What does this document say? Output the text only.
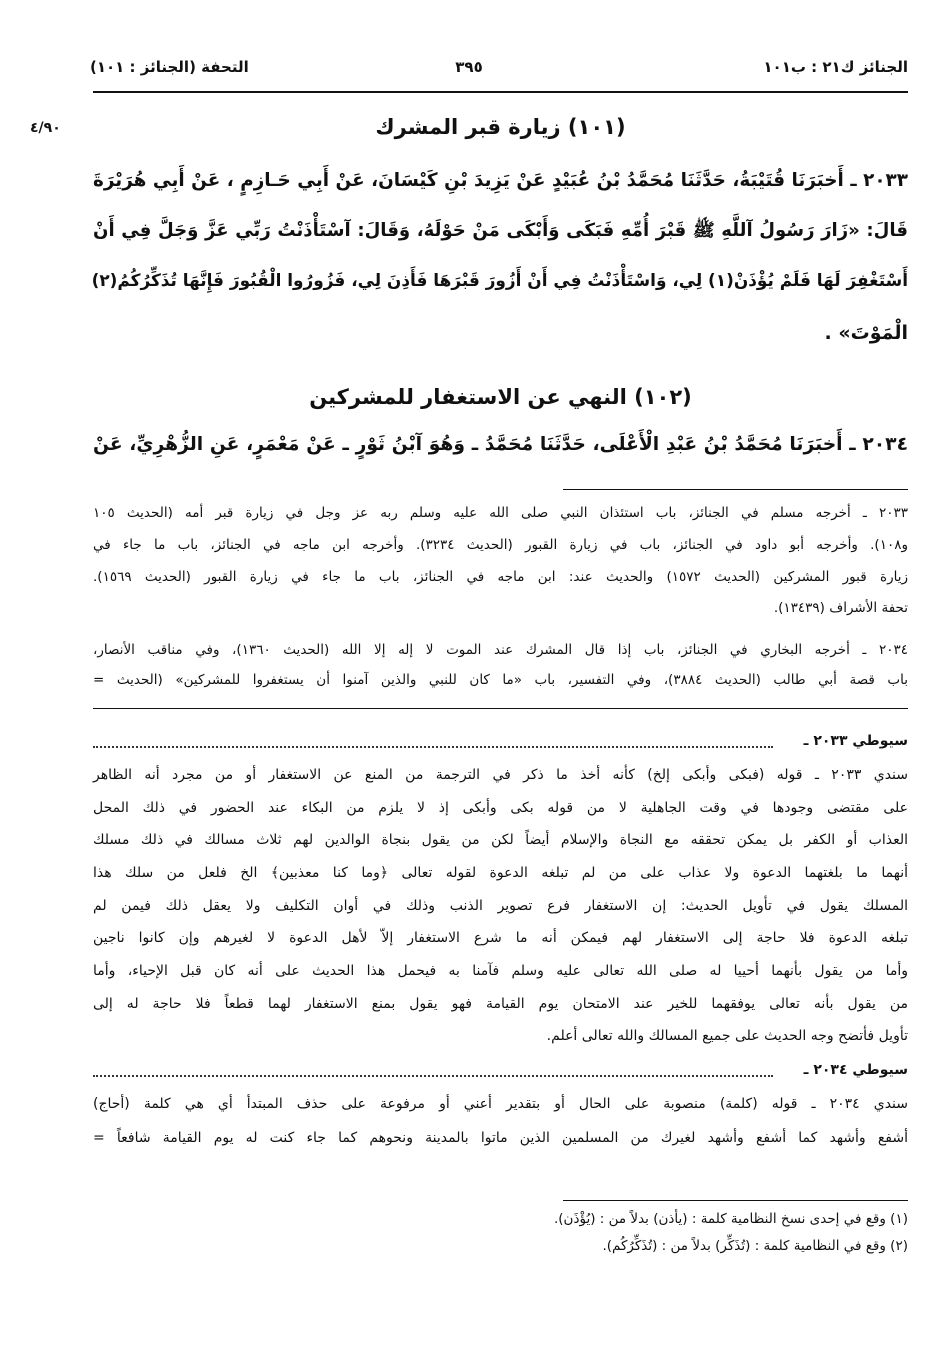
الجنائز ك٢١ : ب١٠١
٣٩٥
التحفة (الجنائز : ١٠١)
(١٠١) زيارة قبر المشرك
٤/٩٠
٢٠٣٣ ـ أَخبَرَنَا قُتَيْبَةُ، حَدَّثَنَا مُحَمَّدُ بْنُ عُبَيْدٍ عَنْ يَزِيدَ بْنِ كَيْسَانَ، عَنْ أَبِي حَـازِمٍ ، عَنْ أَبِي هُرَيْرَةَ
قَالَ: «زَارَ رَسُولُ آللَّهِ ﷺ قَبْرَ أُمِّهِ فَبَكَى وَأَبْكَى مَنْ حَوْلَهُ، وَقَالَ: آسْتَأْذَنْتُ رَبِّي عَزَّ وَجَلَّ فِي أَنْ
أَسْتَغْفِرَ لَهَا فَلَمْ يُؤْذَنْ(١) لِي، وَاسْتَأْذَنْتُ فِي أَنْ أَزُورَ قَبْرَهَا فَأَذِنَ لِي، فَزُورُوا الْقُبُورَ فَإِنَّهَا تُذَكِّرُكُمُ(٢)
الْمَوْتَ» .
(١٠٢) النهي عن الاستغفار للمشركين
٢٠٣٤ ـ أَخبَرَنَا مُحَمَّدُ بْنُ عَبْدِ الْأَعْلَى، حَدَّثَنَا مُحَمَّدُ ـ وَهُوَ آبْنُ ثَوْرٍ ـ عَنْ مَعْمَرٍ، عَنِ الزُّهْرِيِّ، عَنْ
٢٠٣٣ ـ أخرجه مسلم في الجنائز، باب استئذان النبي صلى الله عليه وسلم ربه عز وجل في زيارة قبر أمه (الحديث ١٠٥
و١٠٨). وأخرجه أبو داود في الجنائز، باب في زيارة القبور (الحديث ٣٢٣٤). وأخرجه ابن ماجه في الجنائز، باب ما جاء في
زيارة قبور المشركين (الحديث ١٥٧٢) والحديث عند: ابن ماجه في الجنائز، باب ما جاء في زيارة القبور (الحديث ١٥٦٩).
تحفة الأشراف (١٣٤٣٩).
٢٠٣٤ ـ أخرجه البخاري في الجنائز، باب إذا قال المشرك عند الموت لا إله إلا الله (الحديث ١٣٦٠)، وفي مناقب الأنصار،
باب قصة أبي طالب (الحديث ٣٨٨٤)، وفي التفسير، باب «ما كان للنبي والذين آمنوا أن يستغفروا للمشركين» (الحديث =
سيوطي ٢٠٣٣ ـ
سندي ٢٠٣٣ ـ قوله (فبكى وأبكى إلخ) كأنه أخذ ما ذكر في الترجمة من المنع عن الاستغفار أو من مجرد أنه الظاهر
على مقتضى وجودها في وقت الجاهلية لا من قوله بكى وأبكى إذ لا يلزم من البكاء عند الحضور في ذلك المحل
العذاب أو الكفر بل يمكن تحققه مع النجاة والإسلام أيضاً لكن من يقول بنجاة الوالدين لهم ثلاث مسالك في ذلك مسلك
أنهما ما بلغتهما الدعوة ولا عذاب على من لم تبلغه الدعوة لقوله تعالى ﴿وما كنا معذبين﴾ الخ فلعل من سلك هذا
المسلك يقول في تأويل الحديث: إن الاستغفار فرع تصوير الذنب وذلك في أوان التكليف ولا يعقل ذلك فيمن لم
تبلغه الدعوة فلا حاجة إلى الاستغفار لهم فيمكن أنه ما شرع الاستغفار إلاّ لأهل الدعوة لا لغيرهم وإن كانوا ناجين
وأما من يقول بأنهما أحييا له صلى الله تعالى عليه وسلم فآمنا به فيحمل هذا الحديث على أنه كان قبل الإحياء، وأما
من يقول بأنه تعالى يوفقهما للخير عند الامتحان يوم القيامة فهو يقول بمنع الاستغفار لهما قطعاً فلا حاجة له إلى
تأويل فأتضح وجه الحديث على جميع المسالك والله تعالى أعلم.
سيوطي ٢٠٣٤ ـ
سندي ٢٠٣٤ ـ قوله (كلمة) منصوبة على الحال أو بتقدير أعني أو مرفوعة على حذف المبتدأ أي هي كلمة (أحاج)
أشفع وأشهد كما أشفع وأشهد لغيرك من المسلمين الذين ماتوا بالمدينة ونحوهم كما جاء كنت له يوم القيامة شافعاً =
(١) وقع في إحدى نسخ النظامية كلمة : (يأذن) بدلاً من : (يُؤْذَن).
(٢) وقع في النظامية كلمة : (تُذَكِّر) بدلاً من : (تُذَكِّرُكُم).
